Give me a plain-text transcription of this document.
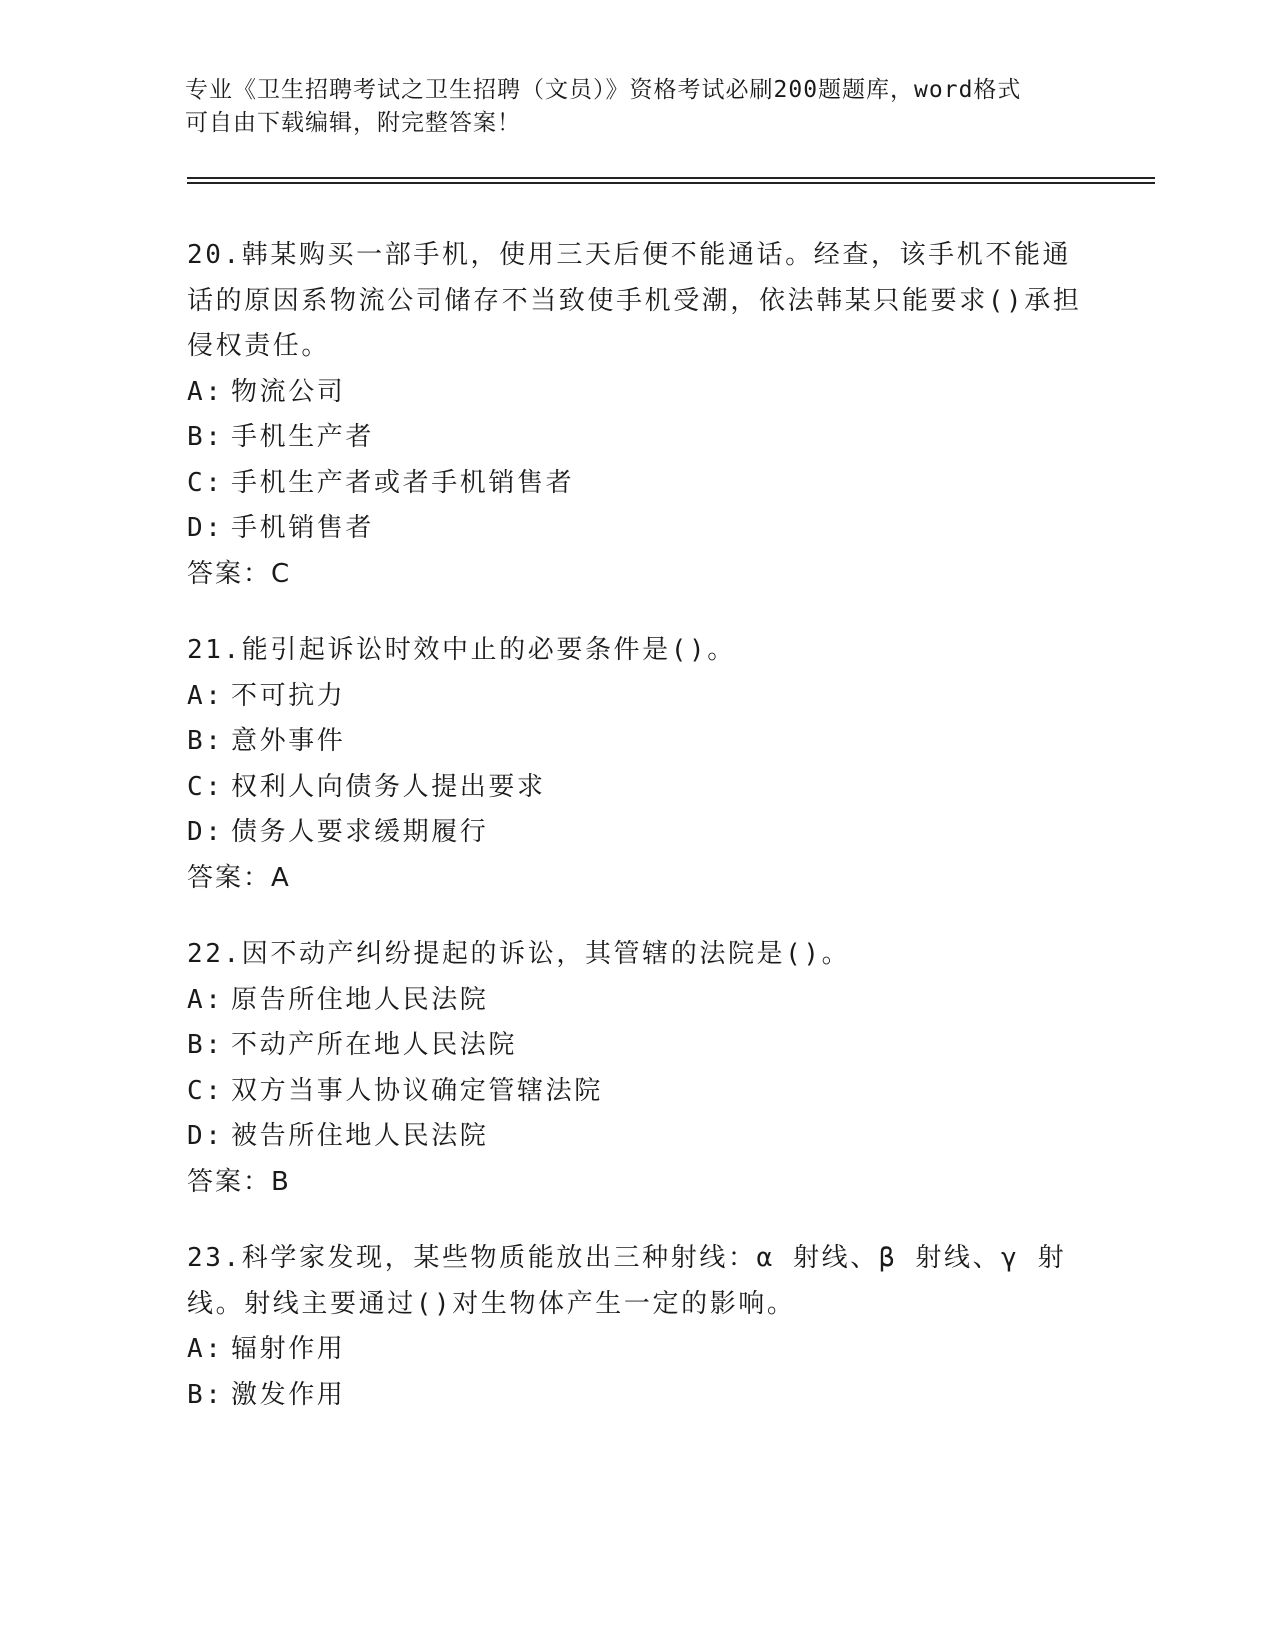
专业《卫生招聘考试之卫生招聘（文员）》资格考试必刷200题题库，word格式
可自由下载编辑，附完整答案！
20.韩某购买一部手机，使用三天后便不能通话。经查，该手机不能通话的原因系物流公司储存不当致使手机受潮，依法韩某只能要求()承担侵权责任。
A: 物流公司
B: 手机生产者
C: 手机生产者或者手机销售者
D: 手机销售者
答案：C
21.能引起诉讼时效中止的必要条件是()。
A: 不可抗力
B: 意外事件
C: 权利人向债务人提出要求
D: 债务人要求缓期履行
答案：A
22.因不动产纠纷提起的诉讼，其管辖的法院是()。
A: 原告所住地人民法院
B: 不动产所在地人民法院
C: 双方当事人协议确定管辖法院
D: 被告所住地人民法院
答案：B
23.科学家发现，某些物质能放出三种射线：α 射线、β 射线、γ 射线。射线主要通过()对生物体产生一定的影响。
A: 辐射作用
B: 激发作用
